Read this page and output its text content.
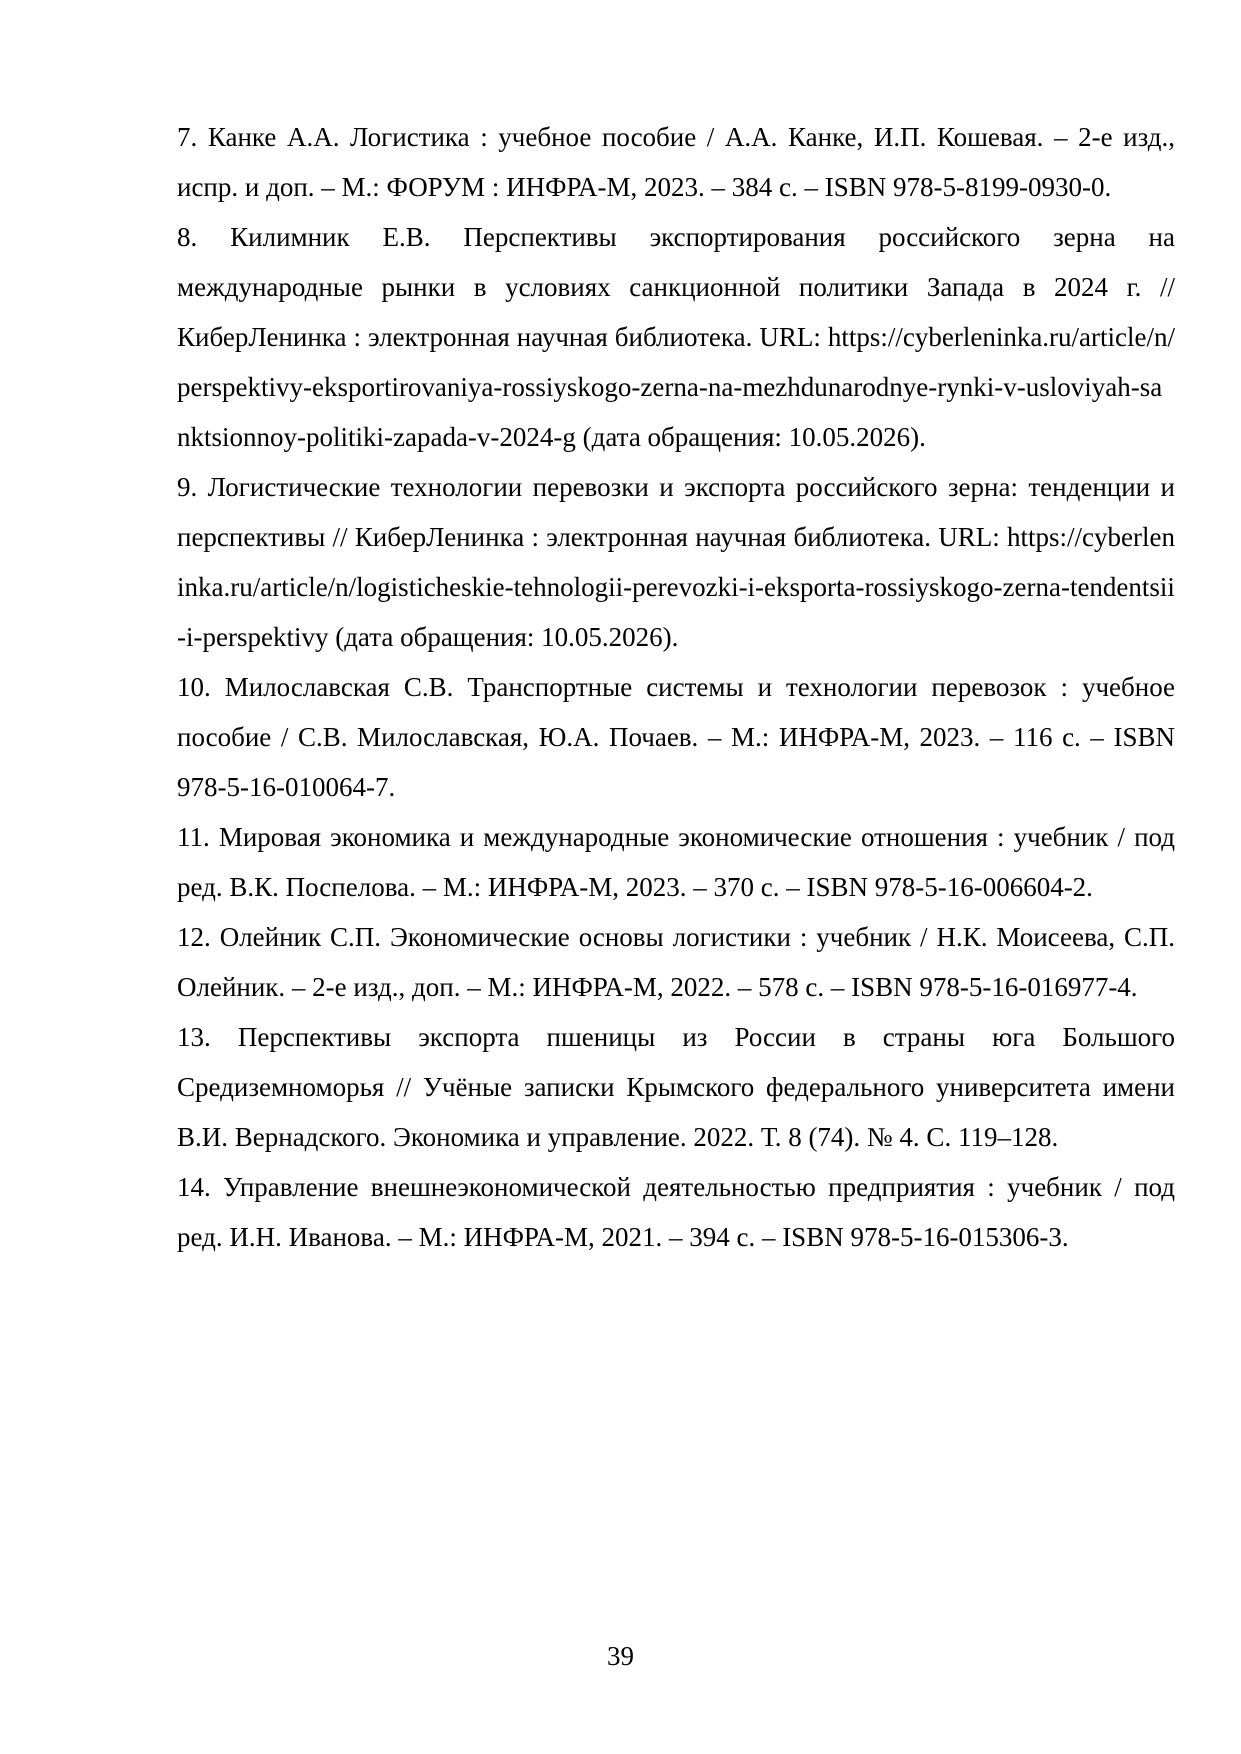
7. Канке А.А. Логистика : учебное пособие / А.А. Канке, И.П. Кошевая. – 2-е изд., испр. и доп. – М.: ФОРУМ : ИНФРА-М, 2023. – 384 с. – ISBN 978-5-8199-0930-0.

8. Килимник Е.В. Перспективы экспортирования российского зерна на международные рынки в условиях санкционной политики Запада в 2024 г. // КиберЛенинка : электронная научная библиотека. URL: https://cyberleninka.ru/article/n/perspektivy-eksportirovaniya-rossiyskogo-zerna-na-mezhdunarodnye-rynki-v-usloviyah-sanktsionnoy-politiki-zapada-v-2024-g (дата обращения: 10.05.2026).

9. Логистические технологии перевозки и экспорта российского зерна: тенденции и перспективы // КиберЛенинка : электронная научная библиотека. URL: https://cyberleninka.ru/article/n/logisticheskie-tehnologii-perevozki-i-eksporta-rossiyskogo-zerna-tendentsii-i-perspektivy (дата обращения: 10.05.2026).

10. Милославская С.В. Транспортные системы и технологии перевозок : учебное пособие / С.В. Милославская, Ю.А. Почаев. – М.: ИНФРА-М, 2023. – 116 с. – ISBN 978-5-16-010064-7.

11. Мировая экономика и международные экономические отношения : учебник / под ред. В.К. Поспелова. – М.: ИНФРА-М, 2023. – 370 с. – ISBN 978-5-16-006604-2.

12. Олейник С.П. Экономические основы логистики : учебник / Н.К. Моисеева, С.П. Олейник. – 2-е изд., доп. – М.: ИНФРА-М, 2022. – 578 с. – ISBN 978-5-16-016977-4.

13. Перспективы экспорта пшеницы из России в страны юга Большого Средиземноморья // Учёные записки Крымского федерального университета имени В.И. Вернадского. Экономика и управление. 2022. Т. 8 (74). № 4. С. 119–128.

14. Управление внешнеэкономической деятельностью предприятия : учебник / под ред. И.Н. Иванова. – М.: ИНФРА-М, 2021. – 394 с. – ISBN 978-5-16-015306-3.

39
